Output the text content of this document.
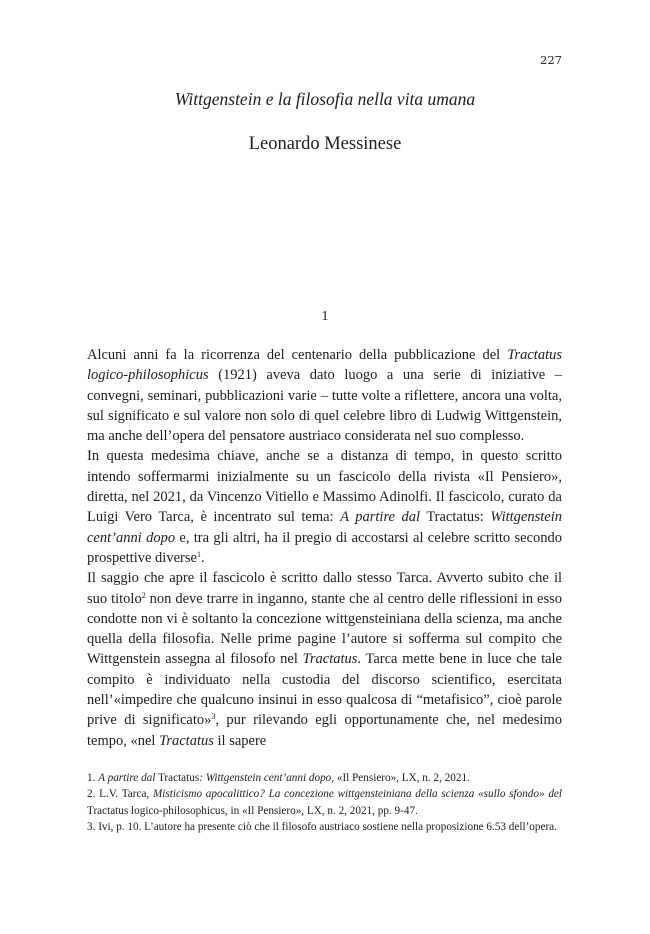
227
Wittgenstein e la filosofia nella vita umana
Leonardo Messinese
1

Alcuni anni fa la ricorrenza del centenario della pubblicazione del Tractatus logico-philosophicus (1921) aveva dato luogo a una serie di iniziative – convegni, seminari, pubblicazioni varie – tutte volte a riflettere, ancora una volta, sul significato e sul valore non solo di quel celebre libro di Ludwig Wittgenstein, ma anche dell’opera del pensatore austriaco considerata nel suo complesso.

In questa medesima chiave, anche se a distanza di tempo, in questo scritto intendo soffermarmi inizialmente su un fascicolo della rivista «Il Pensiero», diretta, nel 2021, da Vincenzo Vitiello e Massimo Adinolfi. Il fascicolo, curato da Luigi Vero Tarca, è incentrato sul tema: A partire dal Tractatus: Wittgenstein cent’anni dopo e, tra gli altri, ha il pregio di accostarsi al celebre scritto secondo prospettive diverse$^1$.

Il saggio che apre il fascicolo è scritto dallo stesso Tarca. Avverto subito che il suo titolo$^2$ non deve trarre in inganno, stante che al centro delle riflessioni in esso condotte non vi è soltanto la concezione wittgensteiniana della scienza, ma anche quella della filosofia. Nelle prime pagine l’autore si sofferma sul compito che Wittgenstein assegna al filosofo nel Tractatus. Tarca mette bene in luce che tale compito è individuato nella custodia del discorso scientifico, esercitata nell’«impedire che qualcuno insinui in esso qualcosa di “metafisico”, cioè parole prive di significato»$^3$, pur rilevando egli opportunamente che, nel medesimo tempo, «nel Tractatus il sapere

1. A partire dal Tractatus: Wittgenstein cent’anni dopo, «Il Pensiero», LX, n. 2, 2021.

2. L.V. Tarca, Misticismo apocalittico? La concezione wittgensteiniana della scienza «sullo sfondo» del Tractatus logico-philosophicus, in «Il Pensiero», LX, n. 2, 2021, pp. 9-47.

3. Ivi, p. 10. L’autore ha presente ciò che il filosofo austriaco sostiene nella proposizione 6.53 dell’opera.
